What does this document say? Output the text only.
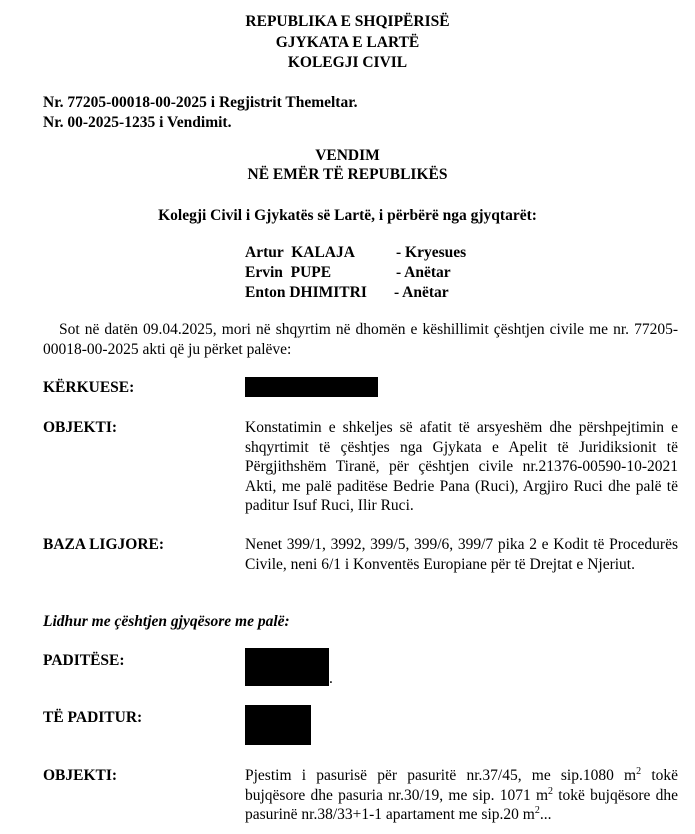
REPUBLIKA E SHQIPËRISË
GJYKATA E LARTË
KOLEGJI CIVIL
Nr. 77205-00018-00-2025 i Regjistrit Themeltar.
Nr. 00-2025-1235 i Vendimit.
VENDIM
NË EMËR TË REPUBLIKËS
Kolegji Civil i Gjykatës së Lartë, i përbërë nga gjyqtarët:
Artur  KALAJA	- Kryesues
Ervin  PUPE	- Anëtar
Enton DHIMITRI - Anëtar
Sot në datën 09.04.2025, mori në shqyrtim në dhomën e këshillimit çështjen civile me nr. 77205-00018-00-2025 akti që ju përket palëve:
KËRKUESE:
OBJEKTI:	Konstatimin e shkeljes së afatit të arsyeshëm dhe përshpejtimin e shqyrtimit të çështjes nga Gjykata e Apelit të Juridiksionit të Përgjithshëm Tiranë, për çështjen civile nr.21376-00590-10-2021 Akti, me palë paditëse Bedrie Pana (Ruci), Argjiro Ruci dhe palë të paditur Isuf Ruci, Ilir Ruci.
BAZA LIGJORE:	Nenet 399/1, 3992, 399/5, 399/6, 399/7 pika 2 e Kodit të Procedurës Civile, neni 6/1 i Konventës Europiane për të Drejtat e Njeriut.
Lidhur me çështjen gjyqësore me palë:
PADITËSE:
.
TË PADITUR:
OBJEKTI:	Pjestim i pasurisë për pasuritë nr.37/45, me sip.1080 $m^2$ tokë bujqësore dhe pasuria nr.30/19, me sip. 1071 $m^2$ tokë bujqësore dhe pasurinë nr.38/33+1-1 apartament me sip.20 $m^2$...
